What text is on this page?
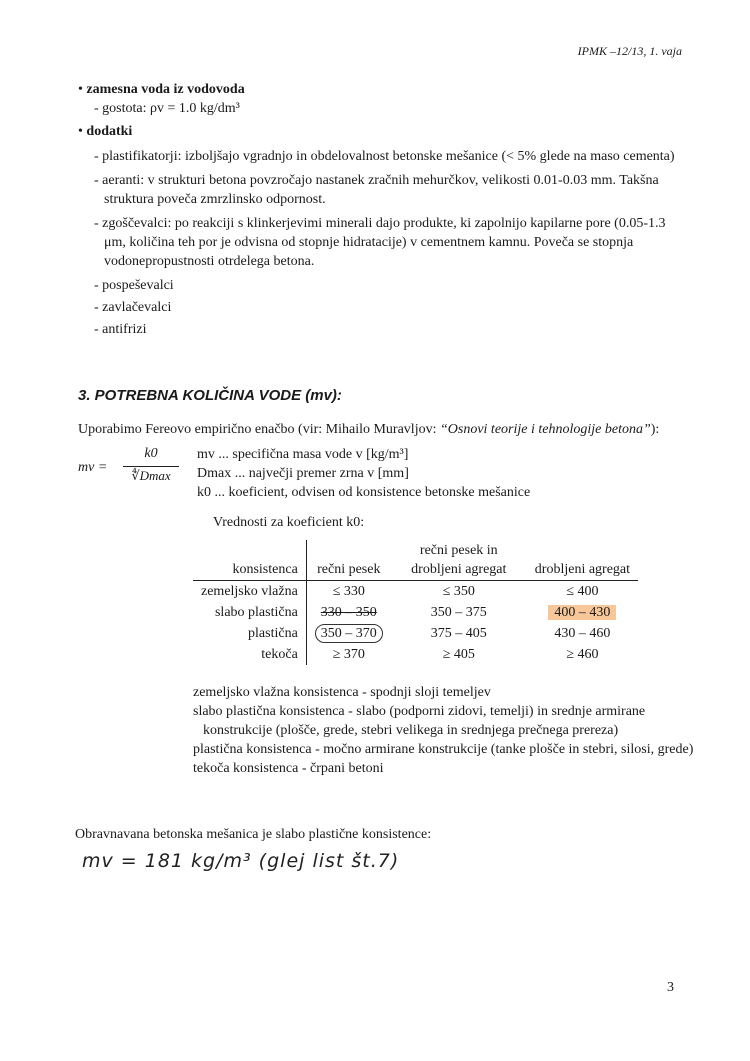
IPMK –12/13, 1. vaja
• zamesna voda iz vodovoda
- gostota: ρv = 1.0 kg/dm³
• dodatki
- plastifikatorji: izboljšajo vgradnjo in obdelovalnost betonske mešanice (< 5% glede na maso cementa)
- aeranti: v strukturi betona povzročajo nastanek zračnih mehurčkov, velikosti 0.01-0.03 mm. Takšna struktura poveča zmrzlinsko odpornost.
- zgoščevalci: po reakciji s klinkerjevimi minerali dajo produkte, ki zapolnijo kapilarne pore (0.05-1.3 μm, količina teh por je odvisna od stopnje hidratacije) v cementnem kamnu. Poveča se stopnja vodonepropustnosti otrdelega betona.
- pospeševalci
- zavlačevalci
- antifrizi
3. POTREBNA KOLIČINA VODE (mv):
Uporabimo Fereovo empirično enačbo (vir: Mihailo Muravljov: “Osnovi teorije i tehnologije betona”):
mv =
k0
∜Dmax
mv ... specifična masa vode v [kg/m³]
Dmax ... največji premer zrna v [mm]
k0 ... koeficient, odvisen od konsistence betonske mešanice
Vrednosti za koeficient k0:
konsistenca	rečni pesek	rečni pesek in drobljeni agregat	drobljeni agregat
zemeljsko vlažna	≤ 330	≤ 350	≤ 400
slabo plastična	330 – 350	350 – 375	400 – 430
plastična	350 – 370	375 – 405	430 – 460
tekoča	≥ 370	≥ 405	≥ 460
zemeljsko vlažna konsistenca - spodnji sloji temeljev
slabo plastična konsistenca - slabo (podporni zidovi, temelji) in srednje armirane konstrukcije (plošče, grede, stebri velikega in srednjega prečnega prereza)
plastična konsistenca - močno armirane konstrukcije (tanke plošče in stebri, silosi, grede)
tekoča konsistenca - črpani betoni
Obravnavana betonska mešanica je slabo plastične konsistence:
mv = 181 kg/m³ (glej list št.7)
3
